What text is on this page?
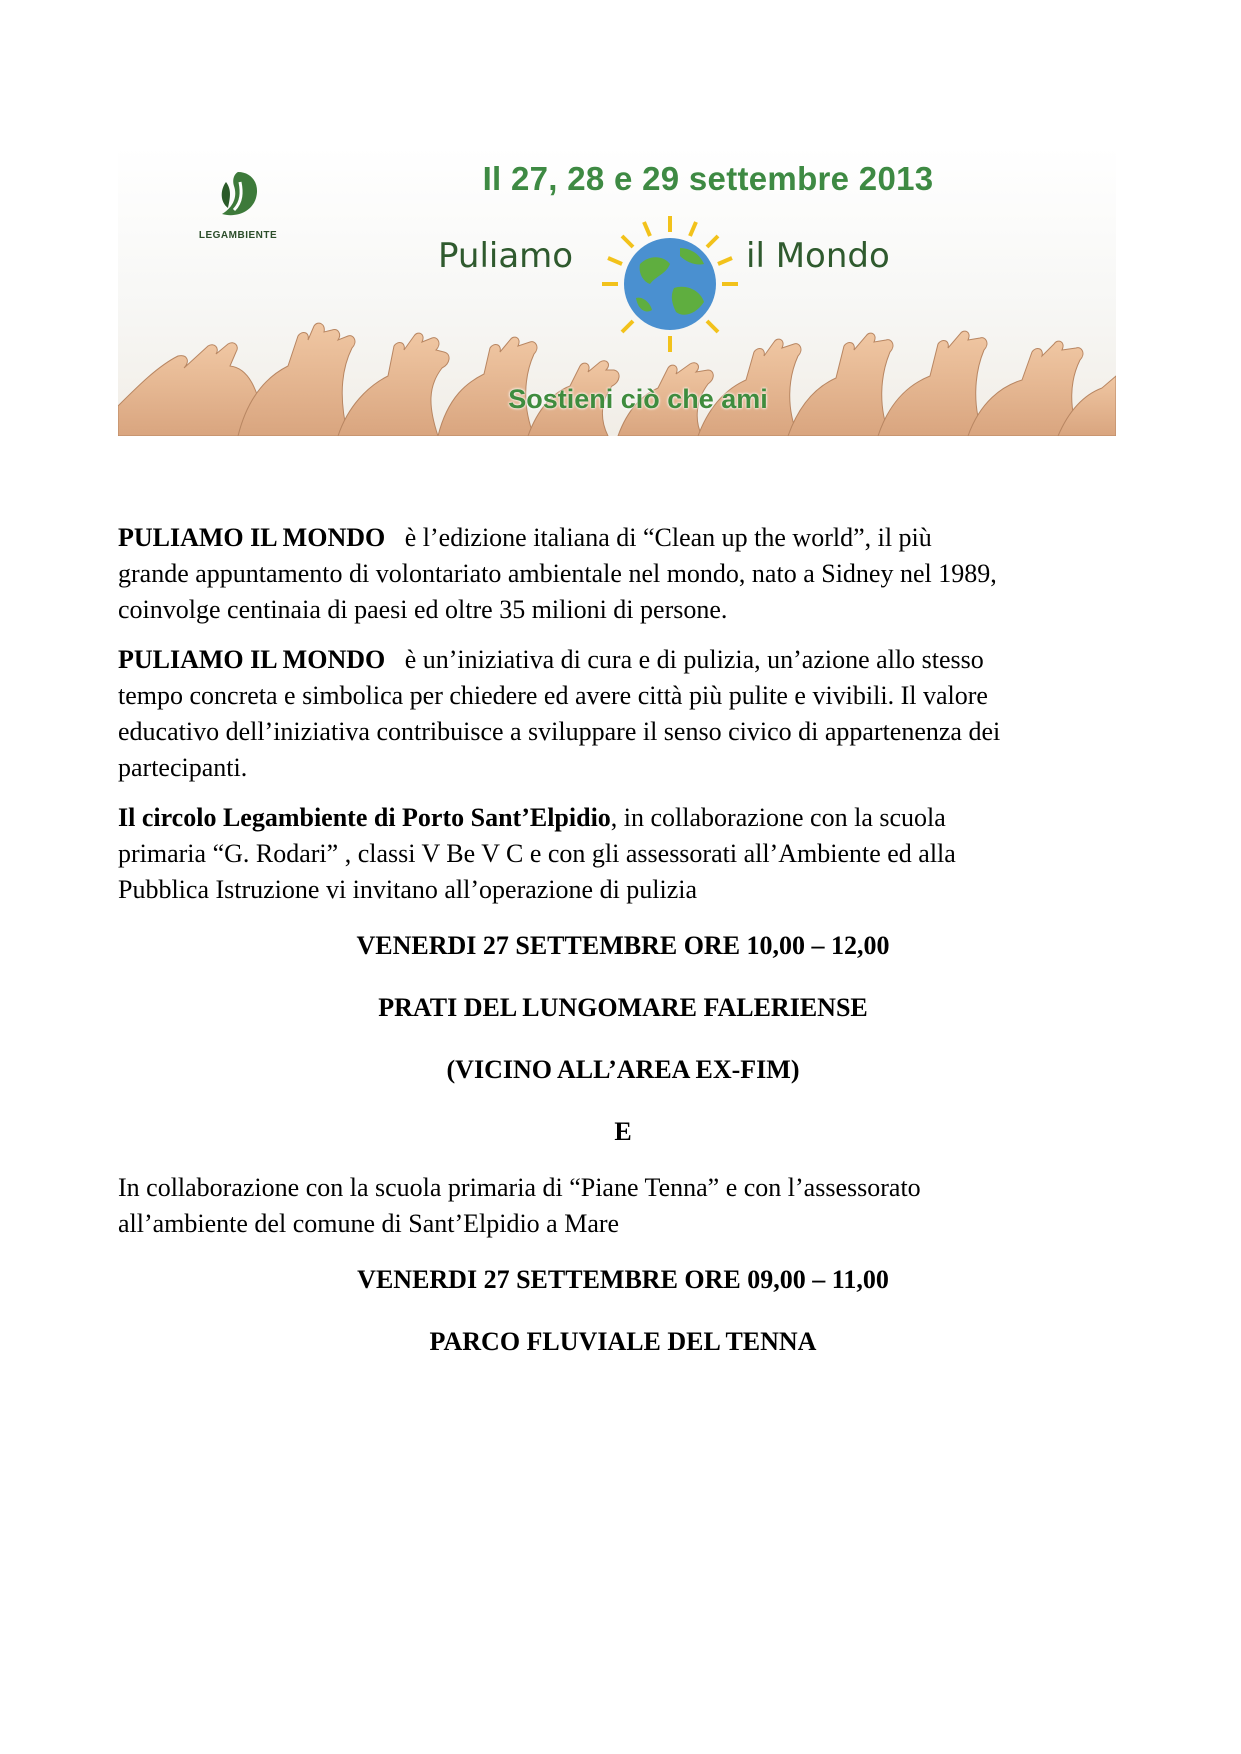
LEGAMBIENTE
Il 27, 28 e 29 settembre 2013
Puliamo	il Mondo
Sostieni ciò che ami

PULIAMO IL MONDO   è l’edizione italiana di “Clean up the world”, il più
grande appuntamento di volontariato ambientale nel mondo, nato a Sidney nel 1989,
coinvolge centinaia di paesi ed oltre 35 milioni di persone.

PULIAMO IL MONDO   è un’iniziativa di cura e di pulizia, un’azione allo stesso
tempo concreta e simbolica per chiedere ed avere città più pulite e vivibili. Il valore
educativo dell’iniziativa contribuisce a sviluppare il senso civico di appartenenza dei
partecipanti.

Il circolo Legambiente di Porto Sant’Elpidio, in collaborazione con la scuola
primaria “G. Rodari” , classi V Be V C e con gli assessorati all’Ambiente ed alla
Pubblica Istruzione vi invitano all’operazione di pulizia

VENERDI 27 SETTEMBRE ORE 10,00 – 12,00

PRATI DEL LUNGOMARE FALERIENSE

(VICINO ALL’AREA EX-FIM)

E

In collaborazione con la scuola primaria di “Piane Tenna” e con l’assessorato
all’ambiente del comune di Sant’Elpidio a Mare

VENERDI 27 SETTEMBRE ORE 09,00 – 11,00

PARCO FLUVIALE DEL TENNA
